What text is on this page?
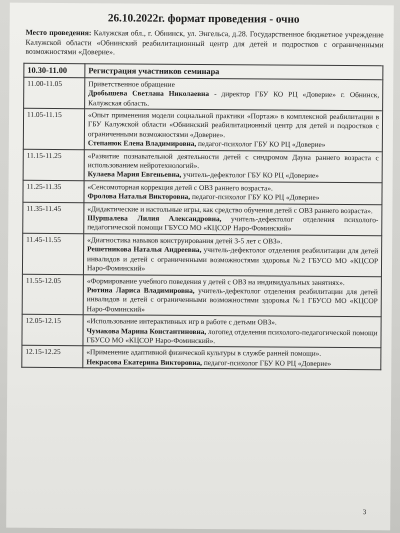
26.10.2022г. формат проведения - очно
Место проведения: Калужская обл., г. Обнинск, ул. Энгельса, д.28. Государственное бюджетное учреждение Калужской области «Обнинский реабилитационный центр для детей и подростков с ограниченными возможностями «Доверие».
10.30-11.00	Регистрация участников семинара
11.00-11.05	Приветственное обращение
Дробышева Светлана Николаевна - директор ГБУ КО РЦ «Доверие» г. Обнинск, Калужская область.

11.05-11.15	«Опыт применения модели социальной практики «Портаж» в комплексной реабилитации в ГБУ Калужской области «Обнинский реабилитационный центр для детей и подростков с ограниченными возможностями «Доверие».
Степанюк Елена Владимировна, педагог-психолог ГБУ КО РЦ «Доверие»

11.15-11.25	«Развитие познавательной деятельности детей с синдромом Дауна раннего возраста с использованием нейротехнологий».
Кулаева Мария Евгеньевна, учитель-дефектолог ГБУ КО РЦ «Доверие»

11.25-11.35	«Сенсомоторная коррекция детей с ОВЗ раннего возраста».
Фролова Наталья Викторовна, педагог-психолог ГБУ КО РЦ «Доверие»

11.35-11.45	«Дидактические и настольные игры, как средство обучения детей с ОВЗ раннего возраста».
Шуршалева Лилия Александровна, учитель-дефектолог отделения психолого-педагогической помощи ГБУСО МО «КЦСОР Наро-Фоминский»

11.45-11.55	«Диагностика навыков конструирования детей 3-5 лет с ОВЗ».
Решетникова Наталья Андреевна, учитель-дефектолог отделения реабилитации для детей инвалидов и детей с ограниченными возможностями здоровья №2 ГБУСО МО «КЦСОР Наро-Фоминский»

11.55-12.05	«Формирование учебного поведения у детей с ОВЗ на индивидуальных занятиях».
Рютина Лариса Владимировна, учитель-дефектолог отделения реабилитации для детей инвалидов и детей с ограниченными возможностями здоровья №1 ГБУСО МО «КЦСОР Наро-Фоминский»

12.05-12.15	«Использование интерактивных игр в работе с детьми ОВЗ».
Чумакова Марина Константиновна, логопед отделения психолого-педагогической помощи ГБУСО МО «КЦСОР Наро-Фоминский».

12.15-12.25	«Применение адаптивной физической культуры в службе ранней помощи».
Некрасова Екатерина Викторовна, педагог-психолог ГБУ КО РЦ «Доверие»
3
